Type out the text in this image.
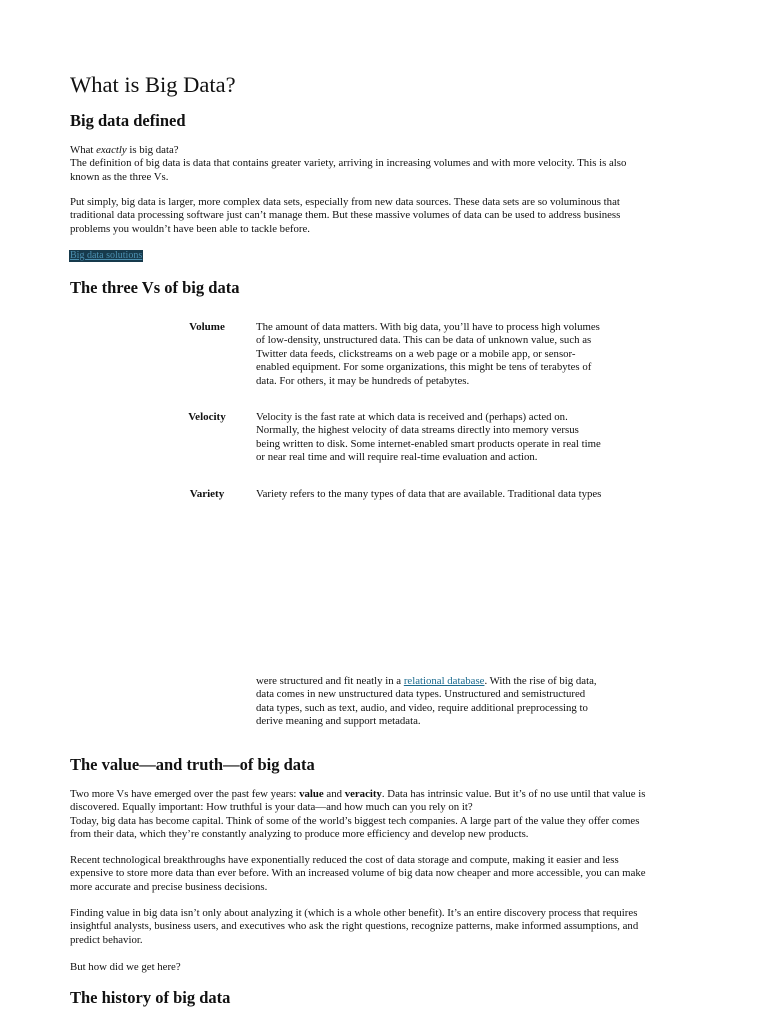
What is Big Data?
Big data defined
What exactly is big data?
The definition of big data is data that contains greater variety, arriving in increasing volumes and with more velocity. This is also
known as the three Vs.
Put simply, big data is larger, more complex data sets, especially from new data sources. These data sets are so voluminous that
traditional data processing software just can’t manage them. But these massive volumes of data can be used to address business
problems you wouldn’t have been able to tackle before.
Big data solutions
The three Vs of big data
Volume	The amount of data matters. With big data, you’ll have to process high volumes
of low-density, unstructured data. This can be data of unknown value, such as
Twitter data feeds, clickstreams on a web page or a mobile app, or sensor-
enabled equipment. For some organizations, this might be tens of terabytes of
data. For others, it may be hundreds of petabytes.
Velocity	Velocity is the fast rate at which data is received and (perhaps) acted on.
Normally, the highest velocity of data streams directly into memory versus
being written to disk. Some internet-enabled smart products operate in real time
or near real time and will require real-time evaluation and action.
Variety	Variety refers to the many types of data that are available. Traditional data types
were structured and fit neatly in a relational database. With the rise of big data,
data comes in new unstructured data types. Unstructured and semistructured
data types, such as text, audio, and video, require additional preprocessing to
derive meaning and support metadata.
The value—and truth—of big data
Two more Vs have emerged over the past few years: value and veracity. Data has intrinsic value. But it’s of no use until that value is
discovered. Equally important: How truthful is your data—and how much can you rely on it?
Today, big data has become capital. Think of some of the world’s biggest tech companies. A large part of the value they offer comes
from their data, which they’re constantly analyzing to produce more efficiency and develop new products.
Recent technological breakthroughs have exponentially reduced the cost of data storage and compute, making it easier and less
expensive to store more data than ever before. With an increased volume of big data now cheaper and more accessible, you can make
more accurate and precise business decisions.
Finding value in big data isn’t only about analyzing it (which is a whole other benefit). It’s an entire discovery process that requires
insightful analysts, business users, and executives who ask the right questions, recognize patterns, make informed assumptions, and
predict behavior.
But how did we get here?
The history of big data
